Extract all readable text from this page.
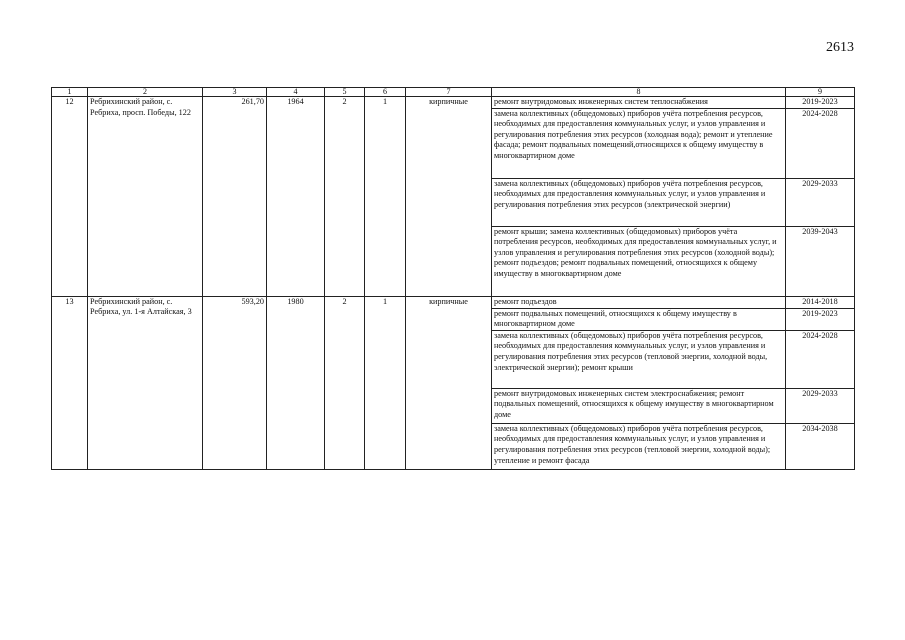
2613
1	2	3	4	5	6	7	8	9
12	Ребрихинский район, с. Ребриха, просп. Победы, 122	261,70	1964	2	1	кирпичные	ремонт внутридомовых инженерных систем теплоснабжения	2019-2023
							замена коллективных (общедомовых) приборов учёта потребления ресурсов, необходимых для предоставления коммунальных услуг, и узлов управления и регулирования потребления этих ресурсов (холодная вода); ремонт и утепление фасада; ремонт подвальных помещений,относящихся к общему имуществу в многоквартирном доме	2024-2028
							замена коллективных (общедомовых) приборов учёта потребления ресурсов, необходимых для предоставления коммунальных услуг, и узлов управления и регулирования потребления этих ресурсов (электрической энергии)	2029-2033
							ремонт крыши; замена коллективных (общедомовых) приборов учёта потребления ресурсов, необходимых для предоставления коммунальных услуг, и узлов управления и регулирования потребления этих ресурсов (холодной воды); ремонт подъездов; ремонт подвальных помещений, относящихся к общему имуществу в многоквартирном доме	2039-2043
13	Ребрихинский район, с. Ребриха, ул. 1-я Алтайская, 3	593,20	1980	2	1	кирпичные	ремонт подъездов	2014-2018
							ремонт подвальных помещений, относящихся к общему имуществу в многоквартирном доме	2019-2023
							замена коллективных (общедомовых) приборов учёта потребления ресурсов, необходимых для предоставления коммунальных услуг, и узлов управления и регулирования потребления этих ресурсов (тепловой энергии, холодной воды, электрической энергии); ремонт крыши	2024-2028
							ремонт внутридомовых инженерных систем электроснабжения; ремонт подвальных помещений, относящихся к общему имуществу в многоквартирном доме	2029-2033
							замена коллективных (общедомовых) приборов учёта потребления ресурсов, необходимых для предоставления коммунальных услуг, и узлов управления и регулирования потребления этих ресурсов (тепловой энергии, холодной воды); утепление и ремонт фасада	2034-2038
